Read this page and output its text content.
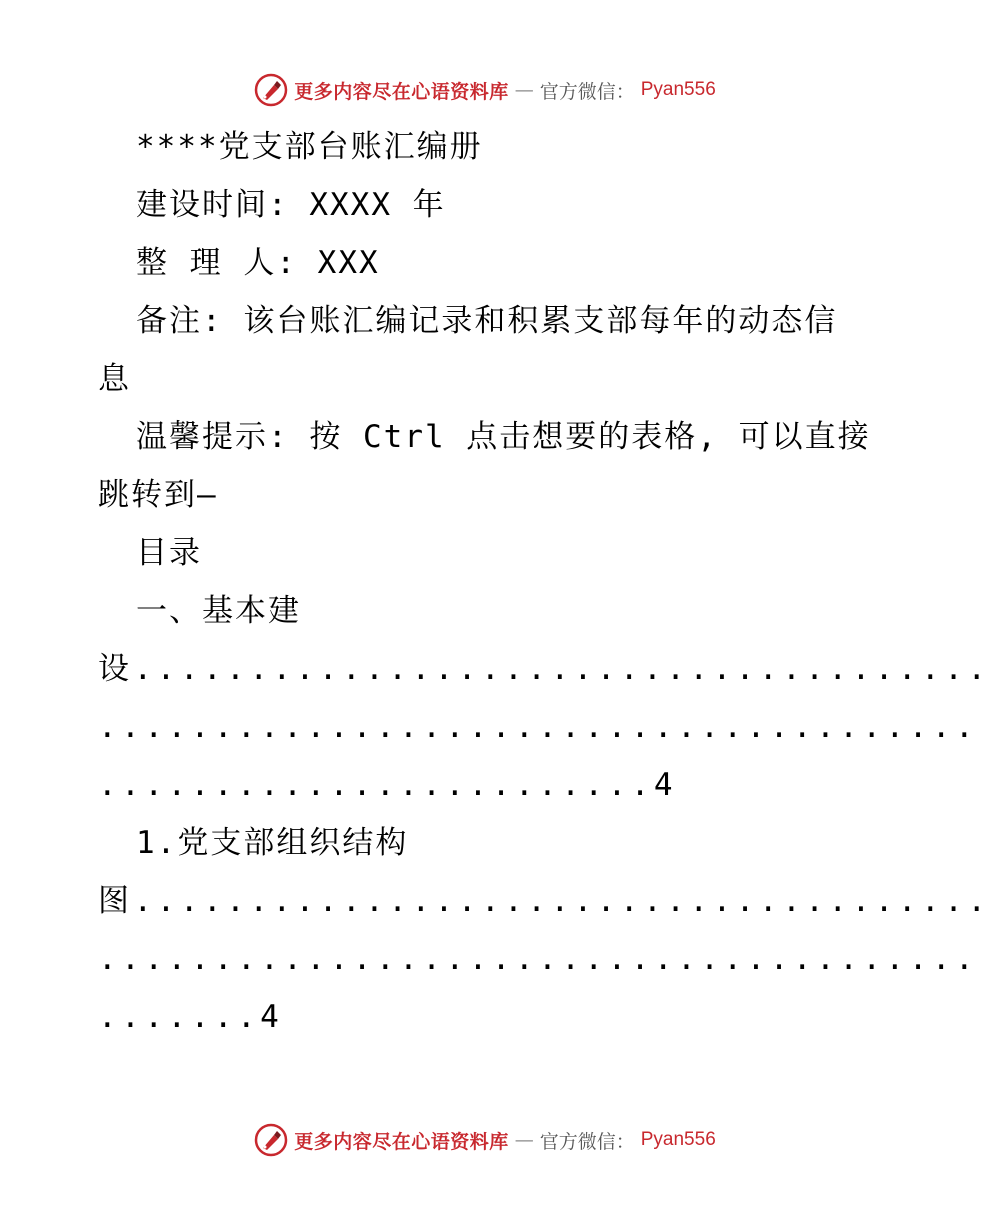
更多内容尽在心语资料库 — 官方微信： Pyan556
****党支部台账汇编册
建设时间: XXXX 年
整 理 人: XXX
备注: 该台账汇编记录和积累支部每年的动态信
息
温馨提示: 按 Ctrl 点击想要的表格, 可以直接
跳转到—
目录
一、基本建
设.....................................
......................................
........................4
1.党支部组织结构
图.....................................
......................................
.......4
更多内容尽在心语资料库 — 官方微信： Pyan556
